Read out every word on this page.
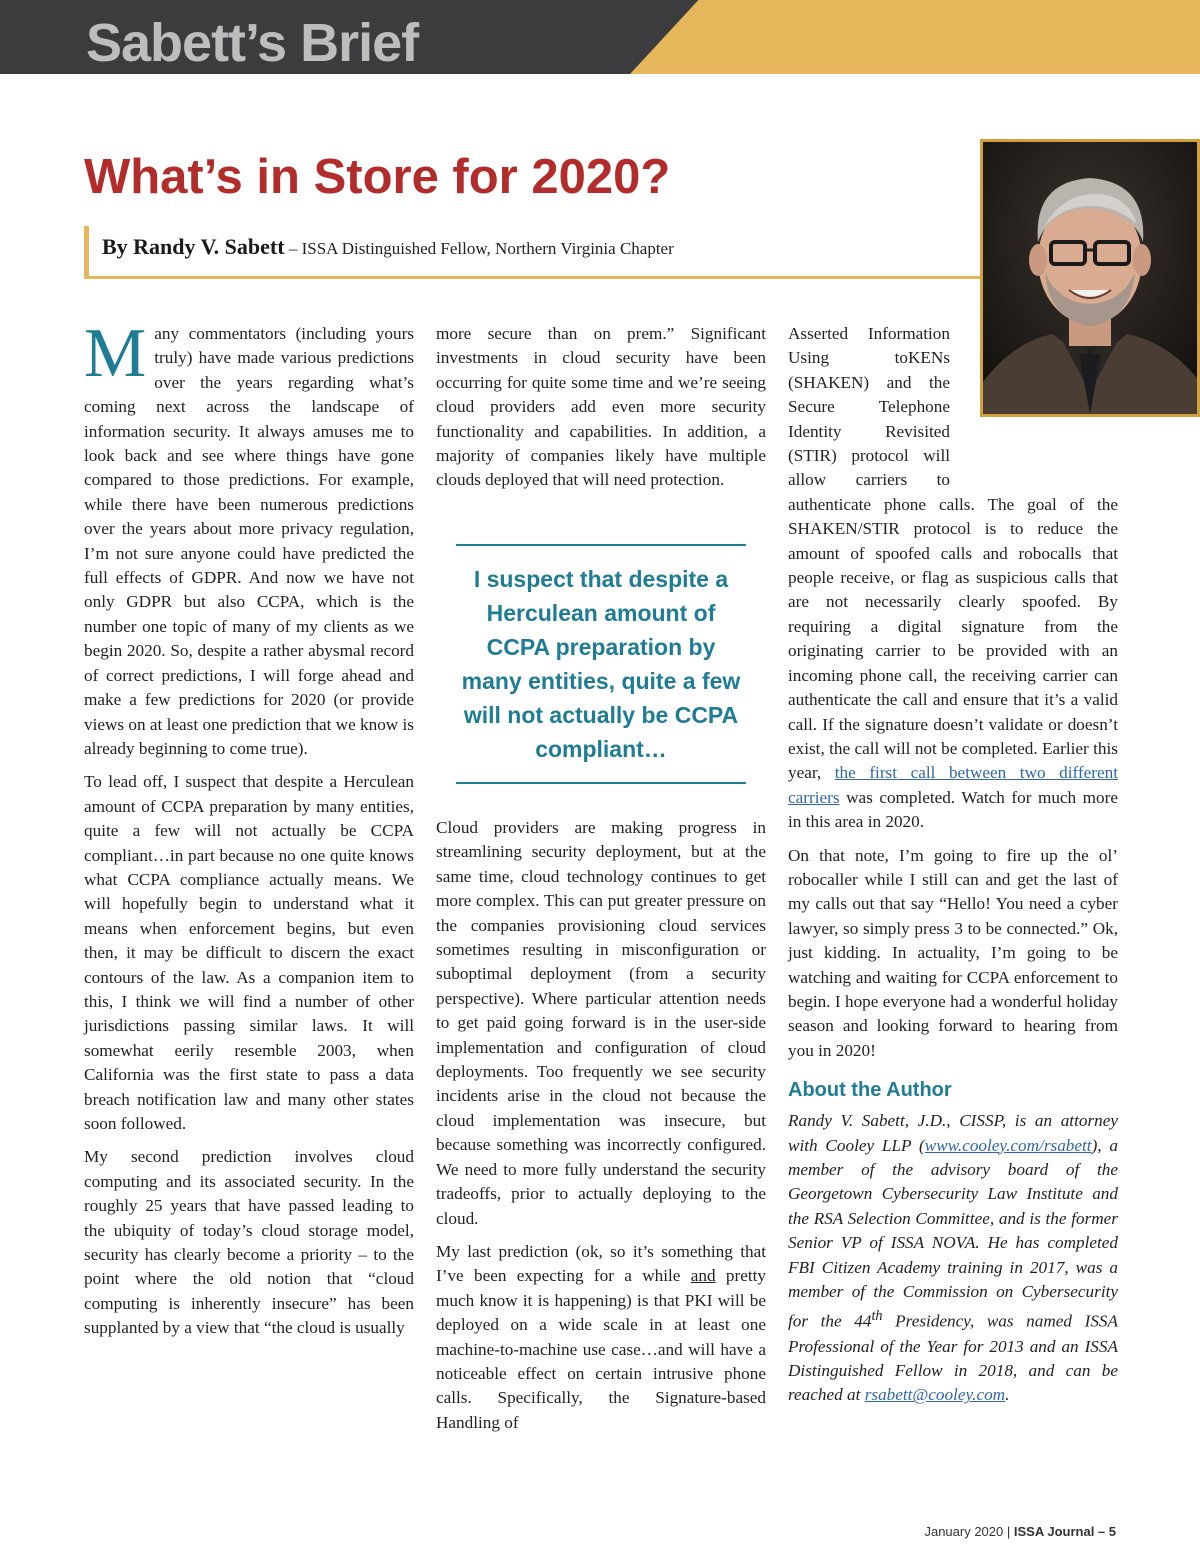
Sabett’s Brief
What’s in Store for 2020?
By Randy V. Sabett – ISSA Distinguished Fellow, Northern Virginia Chapter

Many commentators (including yours truly) have made various predictions over the years regarding what’s coming next across the landscape of information security. It always amuses me to look back and see where things have gone compared to those predictions. For example, while there have been numerous predictions over the years about more privacy regulation, I’m not sure anyone could have predicted the full effects of GDPR. And now we have not only GDPR but also CCPA, which is the number one topic of many of my clients as we begin 2020. So, despite a rather abysmal record of correct predictions, I will forge ahead and make a few predictions for 2020 (or provide views on at least one prediction that we know is already beginning to come true).

To lead off, I suspect that despite a Herculean amount of CCPA preparation by many entities, quite a few will not actually be CCPA compliant…in part because no one quite knows what CCPA compliance actually means. We will hopefully begin to understand what it means when enforcement begins, but even then, it may be difficult to discern the exact contours of the law. As a companion item to this, I think we will find a number of other jurisdictions passing similar laws. It will somewhat eerily resemble 2003, when California was the first state to pass a data breach notification law and many other states soon followed.

My second prediction involves cloud computing and its associated security. In the roughly 25 years that have passed leading to the ubiquity of today’s cloud storage model, security has clearly become a priority – to the point where the old notion that “cloud computing is inherently insecure” has been supplanted by a view that “the cloud is usually

more secure than on prem.” Significant investments in cloud security have been occurring for quite some time and we’re seeing cloud providers add even more security functionality and capabilities. In addition, a majority of companies likely have multiple clouds deployed that will need protection.

I suspect that despite a Herculean amount of CCPA preparation by many entities, quite a few will not actually be CCPA compliant…

Cloud providers are making progress in streamlining security deployment, but at the same time, cloud technology continues to get more complex. This can put greater pressure on the companies provisioning cloud services sometimes resulting in misconfiguration or suboptimal deployment (from a security perspective). Where particular attention needs to get paid going forward is in the user-side implementation and configuration of cloud deployments. Too frequently we see security incidents arise in the cloud not because the cloud implementation was insecure, but because something was incorrectly configured. We need to more fully understand the security tradeoffs, prior to actually deploying to the cloud.

My last prediction (ok, so it’s something that I’ve been expecting for a while and pretty much know it is happening) is that PKI will be deployed on a wide scale in at least one machine-to-machine use case…and will have a noticeable effect on certain intrusive phone calls. Specifically, the Signature-based Handling of

Asserted Information Using toKENs (SHAKEN) and the Secure Telephone Identity Revisited (STIR) protocol will allow carriers to authenticate phone calls. The goal of the SHAKEN/STIR protocol is to reduce the amount of spoofed calls and robocalls that people receive, or flag as suspicious calls that are not necessarily clearly spoofed. By requiring a digital signature from the originating carrier to be provided with an incoming phone call, the receiving carrier can authenticate the call and ensure that it’s a valid call. If the signature doesn’t validate or doesn’t exist, the call will not be completed. Earlier this year, the first call between two different carriers was completed. Watch for much more in this area in 2020.

On that note, I’m going to fire up the ol’ robocaller while I still can and get the last of my calls out that say “Hello! You need a cyber lawyer, so simply press 3 to be connected.” Ok, just kidding. In actuality, I’m going to be watching and waiting for CCPA enforcement to begin. I hope everyone had a wonderful holiday season and looking forward to hearing from you in 2020!

About the Author

Randy V. Sabett, J.D., CISSP, is an attorney with Cooley LLP (www.cooley.com/rsabett), a member of the advisory board of the Georgetown Cybersecurity Law Institute and the RSA Selection Committee, and is the former Senior VP of ISSA NOVA. He has completed FBI Citizen Academy training in 2017, was a member of the Commission on Cybersecurity for the 44th Presidency, was named ISSA Professional of the Year for 2013 and an ISSA Distinguished Fellow in 2018, and can be reached at rsabett@cooley.com.

January 2020 | ISSA Journal – 5
